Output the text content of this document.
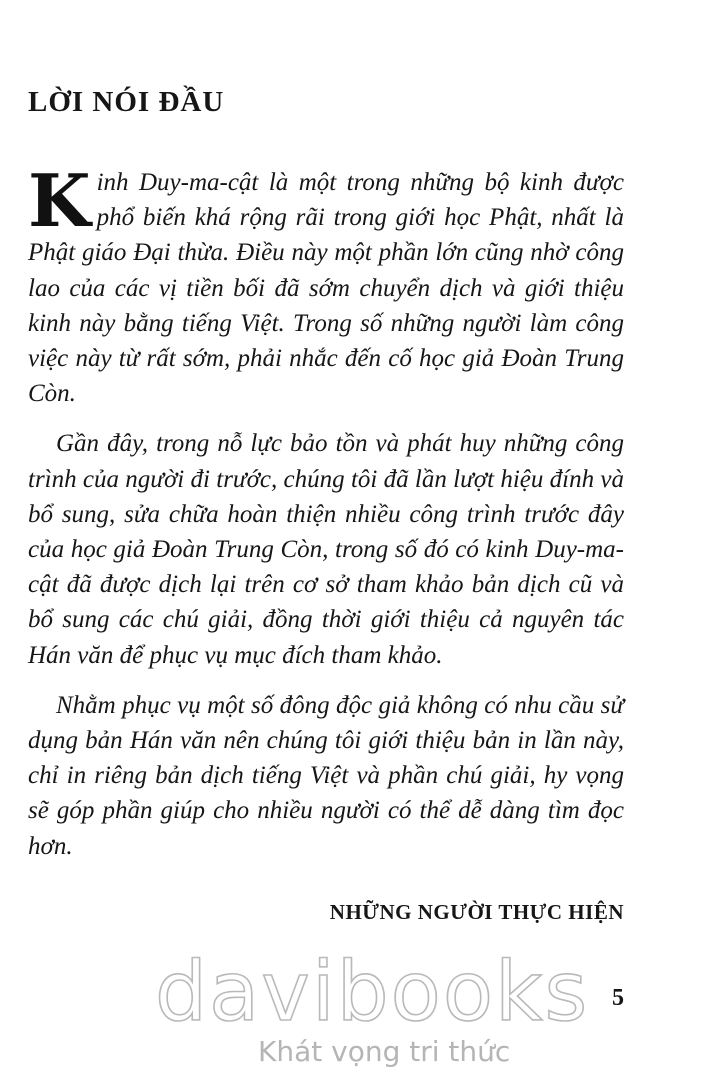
LỜI NÓI ĐẦU

Kinh Duy-ma-cật là một trong những bộ kinh được phổ biến khá rộng rãi trong giới học Phật, nhất là Phật giáo Đại thừa. Điều này một phần lớn cũng nhờ công lao của các vị tiền bối đã sớm chuyển dịch và giới thiệu kinh này bằng tiếng Việt. Trong số những người làm công việc này từ rất sớm, phải nhắc đến cố học giả Đoàn Trung Còn.

Gần đây, trong nỗ lực bảo tồn và phát huy những công trình của người đi trước, chúng tôi đã lần lượt hiệu đính và bổ sung, sửa chữa hoàn thiện nhiều công trình trước đây của học giả Đoàn Trung Còn, trong số đó có kinh Duy-ma-cật đã được dịch lại trên cơ sở tham khảo bản dịch cũ và bổ sung các chú giải, đồng thời giới thiệu cả nguyên tác Hán văn để phục vụ mục đích tham khảo.

Nhằm phục vụ một số đông độc giả không có nhu cầu sử dụng bản Hán văn nên chúng tôi giới thiệu bản in lần này, chỉ in riêng bản dịch tiếng Việt và phần chú giải, hy vọng sẽ góp phần giúp cho nhiều người có thể dễ dàng tìm đọc hơn.

NHỮNG NGƯỜI THỰC HIỆN
5
davibooks
Khát vọng tri thức
